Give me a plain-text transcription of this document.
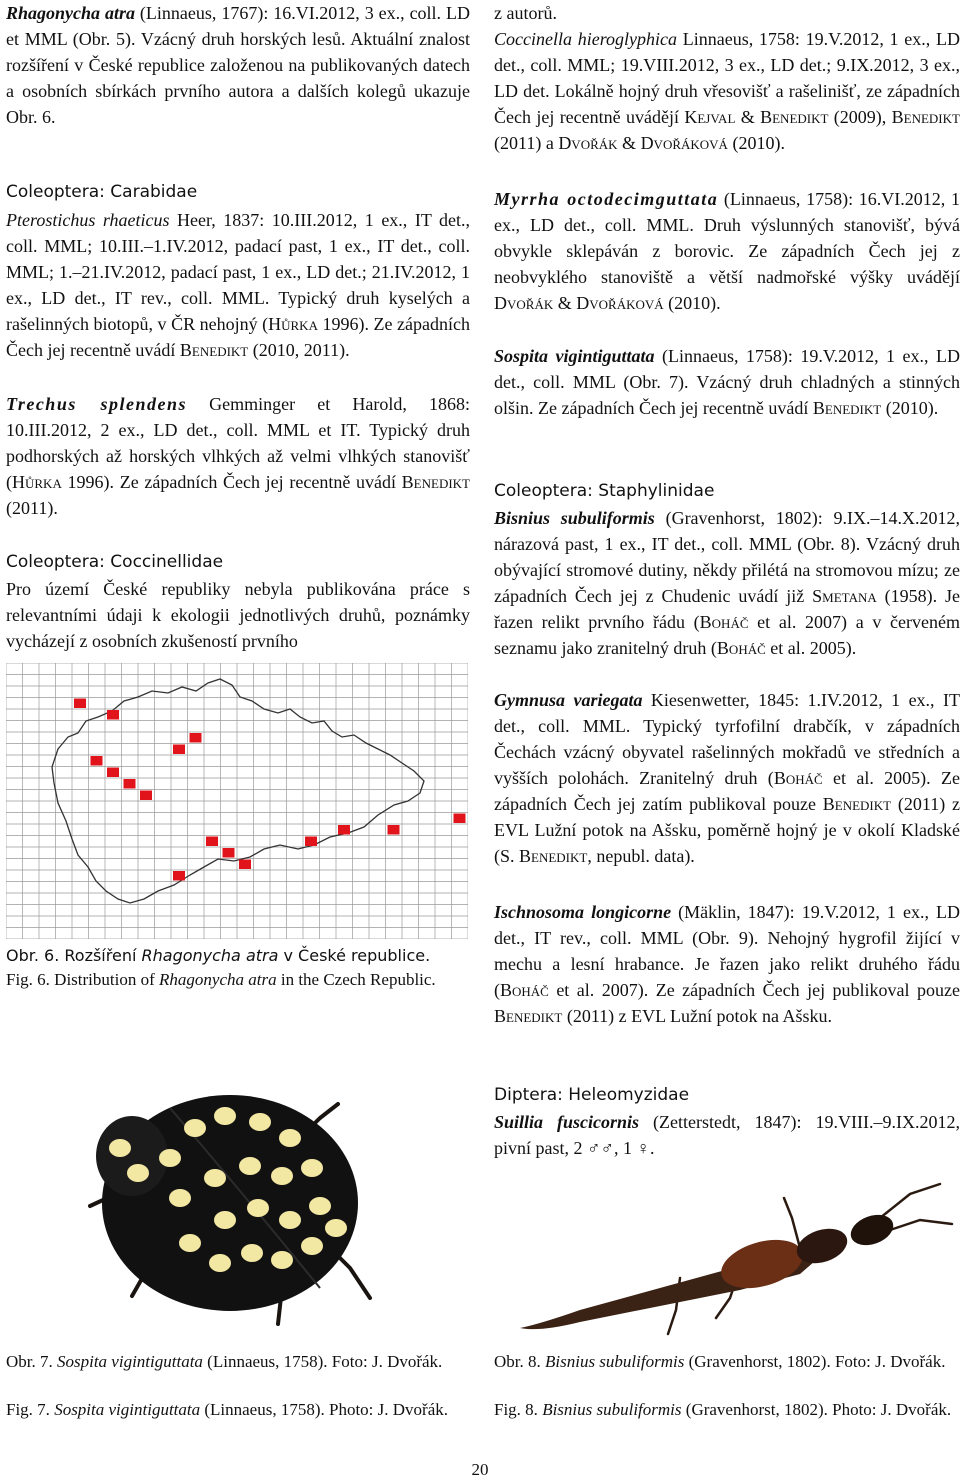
Rhagonycha atra (Linnaeus, 1767): 16.VI.2012, 3 ex., coll. LD et MML (Obr. 5). Vzácný druh horských lesů. Aktuální znalost rozšíření v České republice založenou na publikovaných datech a osobních sbírkách prvního autora a dalších kolegů ukazuje Obr. 6.

Coleoptera: Carabidae

Pterostichus rhaeticus Heer, 1837: 10.III.2012, 1 ex., IT det., coll. MML; 10.III.–1.IV.2012, padací past, 1 ex., IT det., coll. MML; 1.–21.IV.2012, padací past, 1 ex., LD det.; 21.IV.2012, 1 ex., LD det., IT rev., coll. MML. Typický druh kyselých a rašelinných biotopů, v ČR nehojný (Hůrka 1996). Ze západních Čech jej recentně uvádí Benedikt (2010, 2011).

Trechus splendens Gemminger et Harold, 1868: 10.III.2012, 2 ex., LD det., coll. MML et IT. Typický druh podhorských až horských vlhkých až velmi vlhkých stanovišť (Hůrka 1996). Ze západních Čech jej recentně uvádí Benedikt (2011).

Coleoptera: Coccinellidae

Pro území České republiky nebyla publikována práce s relevantními údaji k ekologii jednotlivých druhů, poznámky vycházejí z osobních zkušeností prvního

Obr. 6. Rozšíření Rhagonycha atra v České republice.

Fig. 6. Distribution of Rhagonycha atra in the Czech Republic.

Obr. 7. Sospita vigintiguttata (Linnaeus, 1758). Foto: J. Dvořák.

Fig. 7. Sospita vigintiguttata (Linnaeus, 1758). Photo: J. Dvořák.

z autorů.

Coccinella hieroglyphica Linnaeus, 1758: 19.V.2012, 1 ex., LD det., coll. MML; 19.VIII.2012, 3 ex., LD det.; 9.IX.2012, 3 ex., LD det. Lokálně hojný druh vřesovišť a rašelinišť, ze západních Čech jej recentně uvádějí Kejval & Benedikt (2009), Benedikt (2011) a Dvořák & Dvořáková (2010).

Myrrha octodecimguttata (Linnaeus, 1758): 16.VI.2012, 1 ex., LD det., coll. MML. Druh výslunných stanovišť, bývá obvykle sklepáván z borovic. Ze západních Čech jej z neobvyklého stanoviště a větší nadmořské výšky uvádějí Dvořák & Dvořáková (2010).

Sospita vigintiguttata (Linnaeus, 1758): 19.V.2012, 1 ex., LD det., coll. MML (Obr. 7). Vzácný druh chladných a stinných olšin. Ze západních Čech jej recentně uvádí Benedikt (2010).

Coleoptera: Staphylinidae

Bisnius subuliformis (Gravenhorst, 1802): 9.IX.–14.X.2012, nárazová past, 1 ex., IT det., coll. MML (Obr. 8). Vzácný druh obývající stromové dutiny, někdy přilétá na stromovou mízu; ze západních Čech jej z Chudenic uvádí již Smetana (1958). Je řazen relikt prvního řádu (Boháč et al. 2007) a v červeném seznamu jako zranitelný druh (Boháč et al. 2005).

Gymnusa variegata Kiesenwetter, 1845: 1.IV.2012, 1 ex., IT det., coll. MML. Typický tyrfofilní drabčík, v západních Čechách vzácný obyvatel rašelinných mokřadů ve středních a vyšších polohách. Zranitelný druh (Boháč et al. 2005). Ze západních Čech jej zatím publikoval pouze Benedikt (2011) z EVL Lužní potok na Ašsku, poměrně hojný je v okolí Kladské (S. Benedikt, nepubl. data).

Ischnosoma longicorne (Mäklin, 1847): 19.V.2012, 1 ex., LD det., IT rev., coll. MML (Obr. 9). Nehojný hygrofil žijící v mechu a lesní hrabance. Je řazen jako relikt druhého řádu (Boháč et al. 2007). Ze západních Čech jej publikoval pouze Benedikt (2011) z EVL Lužní potok na Ašsku.

Diptera: Heleomyzidae

Suillia fuscicornis (Zetterstedt, 1847): 19.VIII.–9.IX.2012, pivní past, 2 ♂♂, 1 ♀.

Obr. 8. Bisnius subuliformis (Gravenhorst, 1802). Foto: J. Dvořák.

Fig. 8. Bisnius subuliformis (Gravenhorst, 1802). Photo: J. Dvořák.

20
